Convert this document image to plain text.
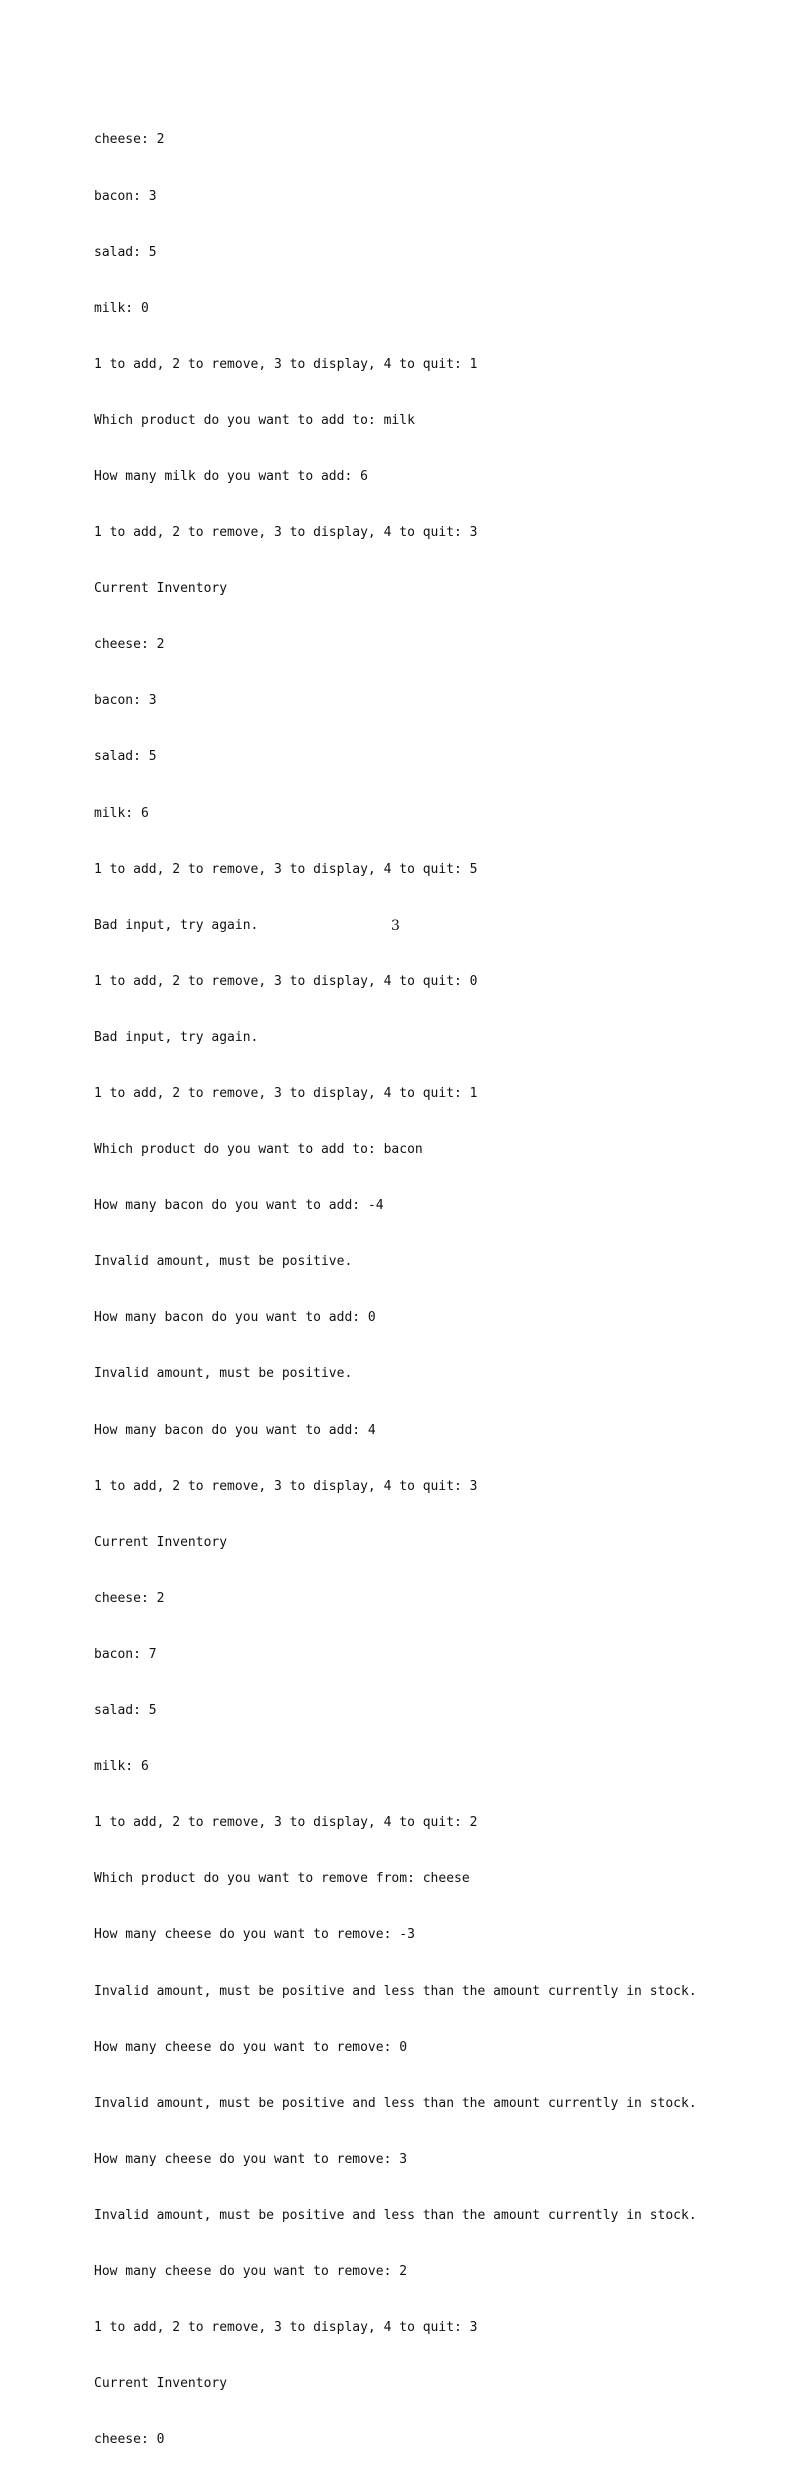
cheese: 2

bacon: 3

salad: 5

milk: 0

1 to add, 2 to remove, 3 to display, 4 to quit: 1

Which product do you want to add to: milk

How many milk do you want to add: 6

1 to add, 2 to remove, 3 to display, 4 to quit: 3

Current Inventory

cheese: 2

bacon: 3

salad: 5

milk: 6

1 to add, 2 to remove, 3 to display, 4 to quit: 5

Bad input, try again.

1 to add, 2 to remove, 3 to display, 4 to quit: 0

Bad input, try again.

1 to add, 2 to remove, 3 to display, 4 to quit: 1

Which product do you want to add to: bacon

How many bacon do you want to add: -4

Invalid amount, must be positive.

How many bacon do you want to add: 0

Invalid amount, must be positive.

How many bacon do you want to add: 4

1 to add, 2 to remove, 3 to display, 4 to quit: 3

Current Inventory

cheese: 2

bacon: 7

salad: 5

milk: 6

1 to add, 2 to remove, 3 to display, 4 to quit: 2

Which product do you want to remove from: cheese

How many cheese do you want to remove: -3

Invalid amount, must be positive and less than the amount currently in stock.

How many cheese do you want to remove: 0

Invalid amount, must be positive and less than the amount currently in stock.

How many cheese do you want to remove: 3

Invalid amount, must be positive and less than the amount currently in stock.

How many cheese do you want to remove: 2

1 to add, 2 to remove, 3 to display, 4 to quit: 3

Current Inventory

cheese: 0

3
